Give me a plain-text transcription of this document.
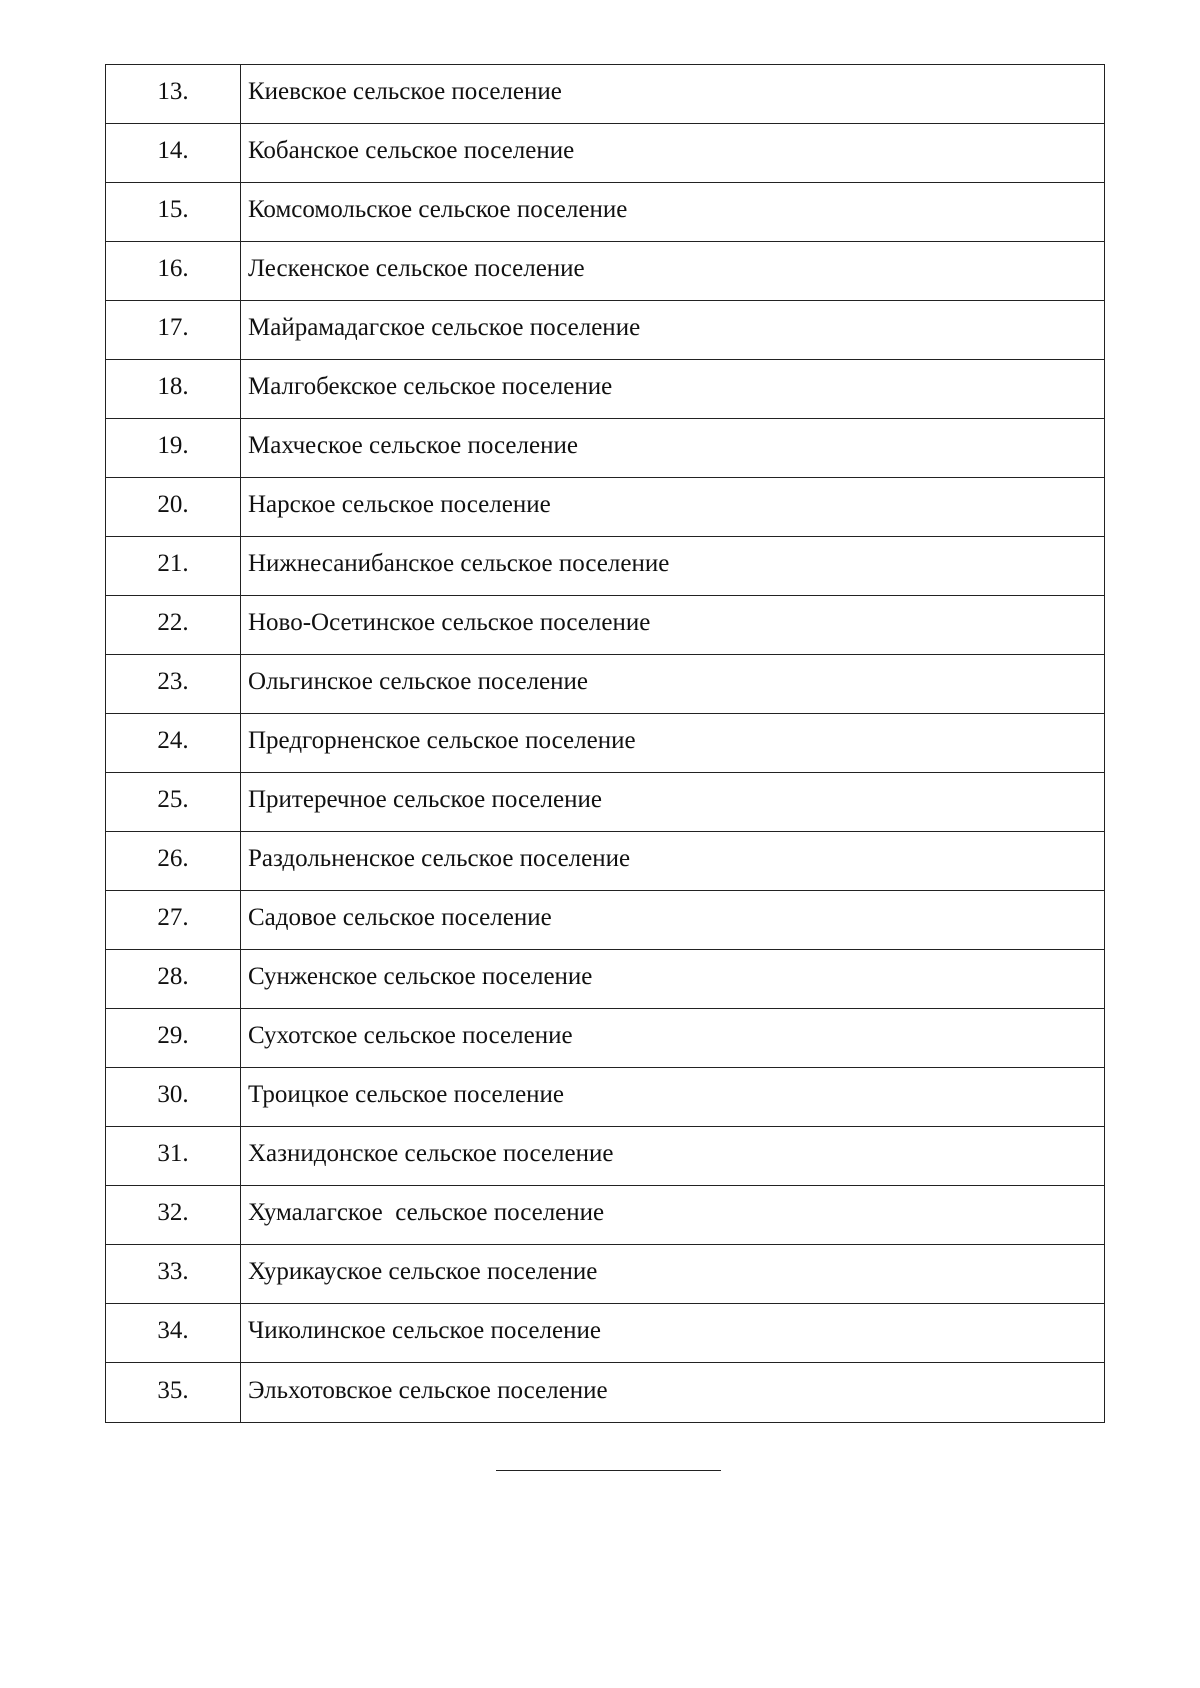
13.	Киевское сельское поселение
14.	Кобанское сельское поселение
15.	Комсомольское сельское поселение
16.	Лескенское сельское поселение
17.	Майрамадагское сельское поселение
18.	Малгобекское сельское поселение
19.	Махческое сельское поселение
20.	Нарское сельское поселение
21.	Нижнесанибанское сельское поселение
22.	Ново-Осетинское сельское поселение
23.	Ольгинское сельское поселение
24.	Предгорненское сельское поселение
25.	Притеречное сельское поселение
26.	Раздольненское сельское поселение
27.	Садовое сельское поселение
28.	Сунженское сельское поселение
29.	Сухотское сельское поселение
30.	Троицкое сельское поселение
31.	Хазнидонское сельское поселение
32.	Хумалагское  сельское поселение
33.	Хурикауское сельское поселение
34.	Чиколинское сельское поселение
35.	Эльхотовское сельское поселение
